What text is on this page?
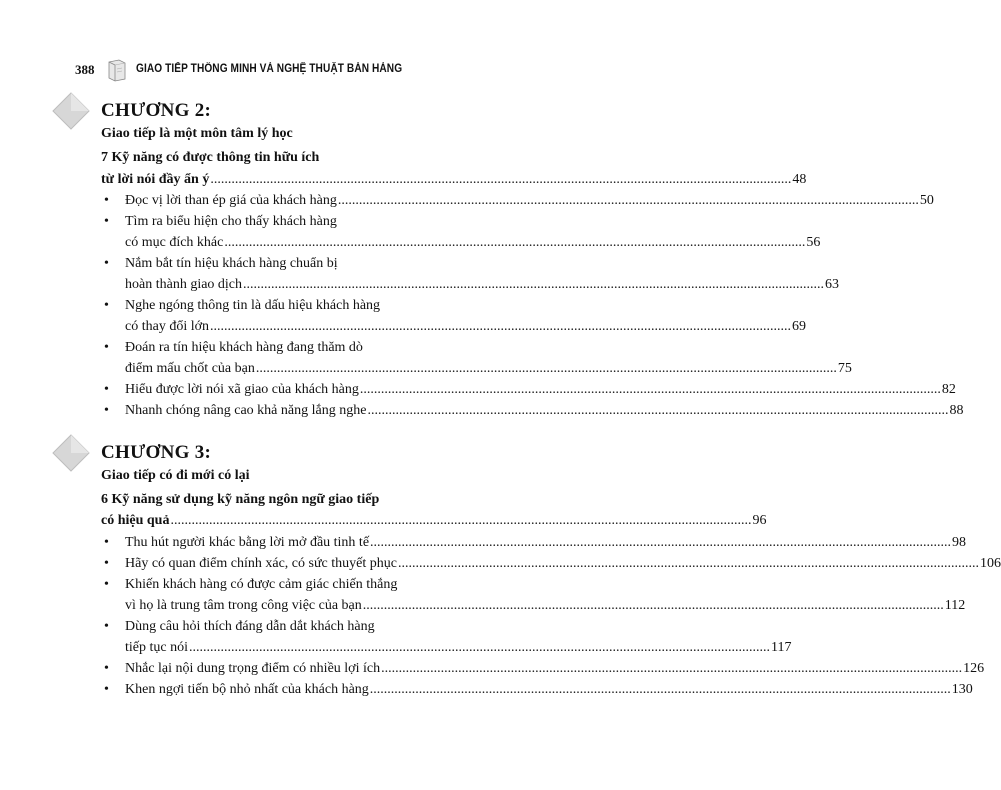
388	GIAO TIẾP THÔNG MINH VÀ NGHỆ THUẬT BÁN HÀNG
CHƯƠNG 2:
Giao tiếp là một môn tâm lý học
7 Kỹ năng có được thông tin hữu ích
từ lời nói đầy ẩn ý ...................................................................................................................................................................... 48
• Đọc vị lời than ép giá của khách hàng ...................................................................................................................................................................... 50
• Tìm ra biểu hiện cho thấy khách hàng
có mục đích khác ...................................................................................................................................................................... 56
• Nắm bắt tín hiệu khách hàng chuẩn bị
hoàn thành giao dịch ...................................................................................................................................................................... 63
• Nghe ngóng thông tin là dấu hiệu khách hàng
có thay đổi lớn ...................................................................................................................................................................... 69
• Đoán ra tín hiệu khách hàng đang thăm dò
điểm mấu chốt của bạn ...................................................................................................................................................................... 75
• Hiểu được lời nói xã giao của khách hàng ...................................................................................................................................................................... 82
• Nhanh chóng nâng cao khả năng lắng nghe ...................................................................................................................................................................... 88
CHƯƠNG 3:
Giao tiếp có đi mới có lại
6 Kỹ năng sử dụng kỹ năng ngôn ngữ giao tiếp
có hiệu quả ...................................................................................................................................................................... 96
• Thu hút người khác bằng lời mở đầu tinh tế ...................................................................................................................................................................... 98
• Hãy có quan điểm chính xác, có sức thuyết phục ...................................................................................................................................................................... 106
• Khiến khách hàng có được cảm giác chiến thắng
vì họ là trung tâm trong công việc của bạn ...................................................................................................................................................................... 112
• Dùng câu hỏi thích đáng dẫn dắt khách hàng
tiếp tục nói ...................................................................................................................................................................... 117
• Nhắc lại nội dung trọng điểm có nhiều lợi ích ...................................................................................................................................................................... 126
• Khen ngợi tiến bộ nhỏ nhất của khách hàng ...................................................................................................................................................................... 130
